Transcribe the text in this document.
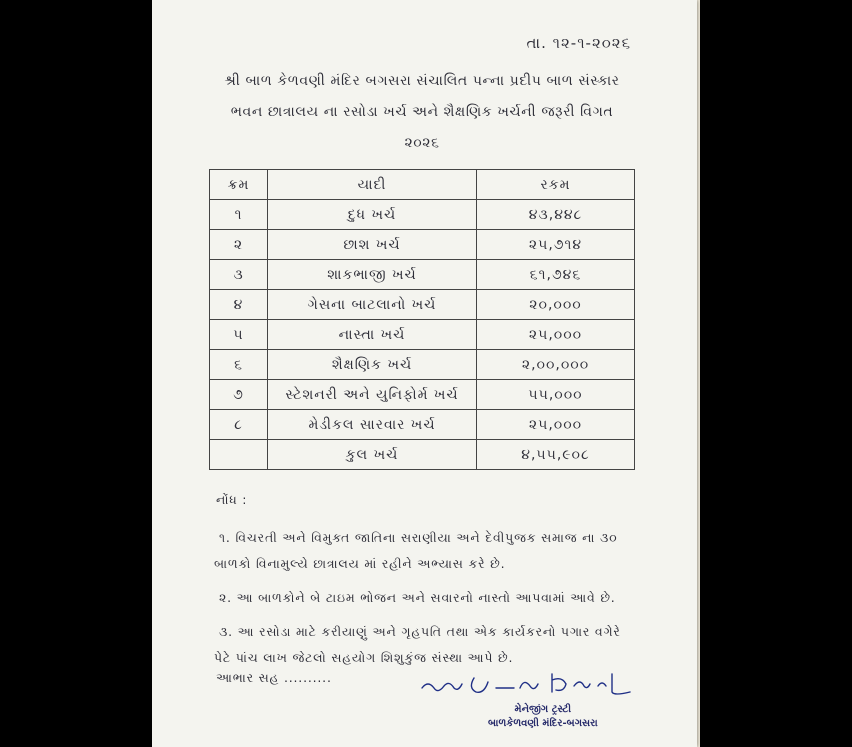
તા. ૧૨-૧-૨૦૨૬
શ્રી બાળ કેળવણી મંદિર બગસરા સંચાલિત પન્ના પ્રદીપ બાળ સંસ્કાર
ભવન છાત્રાલય ના રસોડા ખર્ચ અને શૈક્ષણિક ખર્ચની જરૂરી વિગત
૨૦૨૬
ક્રમ	યાદી	રકમ
૧	દુધ ખર્ચ	૪૩,૪૪૮
૨	છાશ ખર્ચ	૨૫,૭૧૪
૩	શાકભાજી ખર્ચ	૬૧,૭૪૬
૪	ગેસના બાટલાનો ખર્ચ	૨૦,૦૦૦
૫	નાસ્તા ખર્ચ	૨૫,૦૦૦
૬	શૈક્ષણિક ખર્ચ	૨,૦૦,૦૦૦
૭	સ્ટેશનરી અને યુનિફોર્મ ખર્ચ	૫૫,૦૦૦
૮	મેડીકલ સારવાર ખર્ચ	૨૫,૦૦૦
	કુલ ખર્ચ	૪,૫૫,૯૦૮
નોંધ :
૧. વિચરતી અને વિમુક્ત જાતિના સરાણીયા અને દેવીપુજક સમાજ ના ૩૦ બાળકો વિનામુલ્યે છાત્રાલય માં રહીને અભ્યાસ કરે છે.
૨. આ બાળકોને બે ટાઇમ ભોજન અને સવારનો નાસ્તો આપવામાં આવે છે.
૩. આ રસોડા માટે કરીયાણું અને ગૃહપતિ તથા એક કાર્યકરનો પગાર વગેરે પેટે પાંચ લાખ જેટલો સહયોગ શિશુકુંજ સંસ્થા આપે છે.
આભાર સહ ..........
મેનેજીંગ ટ્રસ્ટી
બાળકેળવણી મંદિર-બગસરા
